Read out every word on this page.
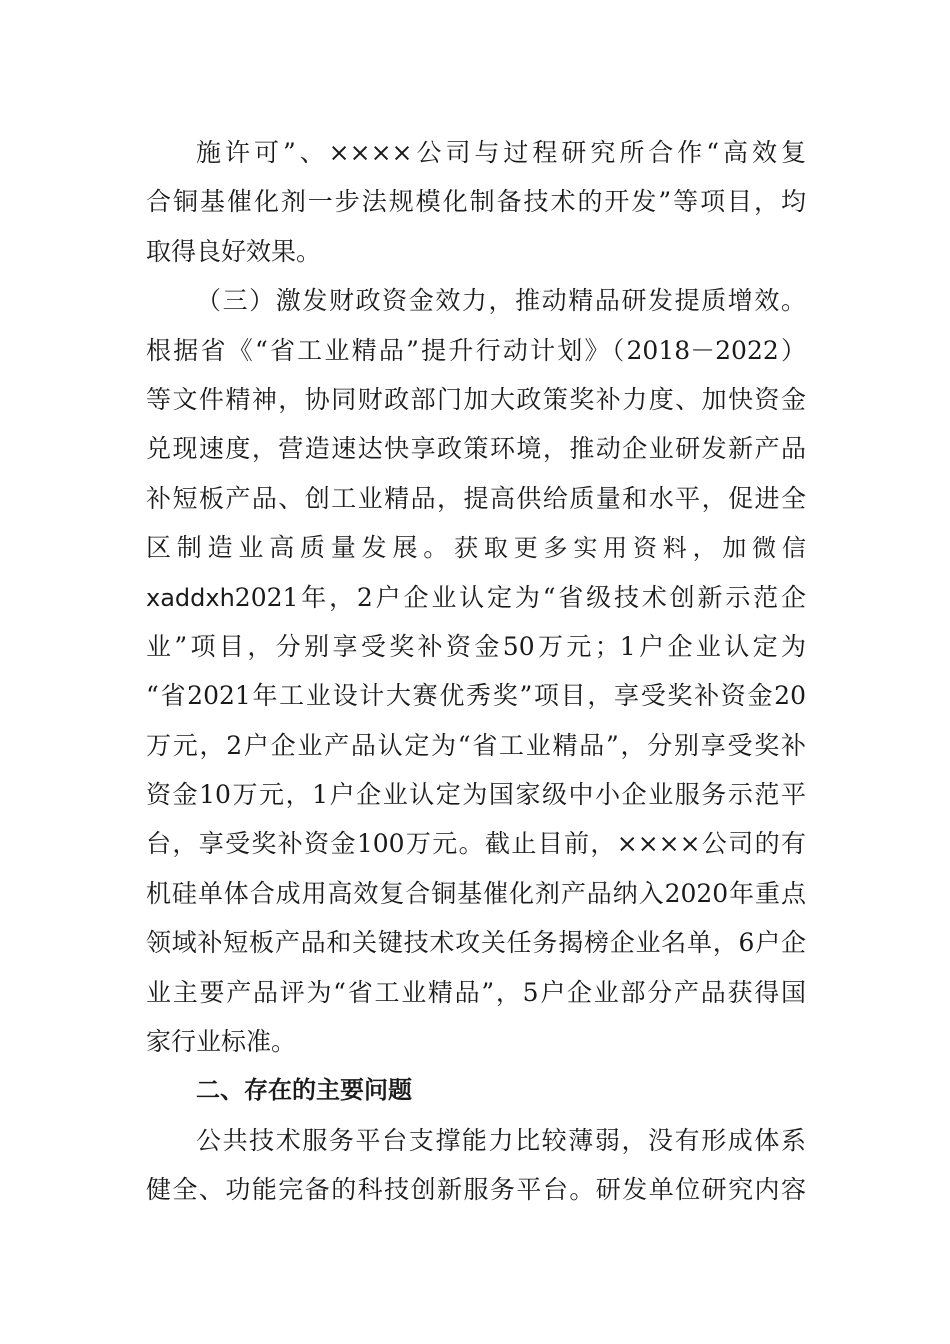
施许可”、××××公司与过程研究所合作“高效复
合铜基催化剂一步法规模化制备技术的开发”等项目，均
取得良好效果。
（三）激发财政资金效力，推动精品研发提质增效。
根据省《“省工业精品”提升行动计划》（2018－2022）
等文件精神，协同财政部门加大政策奖补力度、加快资金
兑现速度，营造速达快享政策环境，推动企业研发新产品
补短板产品、创工业精品，提高供给质量和水平，促进全
区制造业高质量发展。获取更多实用资料，加微信
xaddxh2021年，2户企业认定为“省级技术创新示范企
业”项目，分别享受奖补资金50万元；1户企业认定为
“省2021年工业设计大赛优秀奖”项目，享受奖补资金20
万元，2户企业产品认定为“省工业精品”，分别享受奖补
资金10万元，1户企业认定为国家级中小企业服务示范平
台，享受奖补资金100万元。截止目前，××××公司的有
机硅单体合成用高效复合铜基催化剂产品纳入2020年重点
领域补短板产品和关键技术攻关任务揭榜企业名单，6户企
业主要产品评为“省工业精品”，5户企业部分产品获得国
家行业标准。
二、存在的主要问题
公共技术服务平台支撑能力比较薄弱，没有形成体系
健全、功能完备的科技创新服务平台。研发单位研究内容
